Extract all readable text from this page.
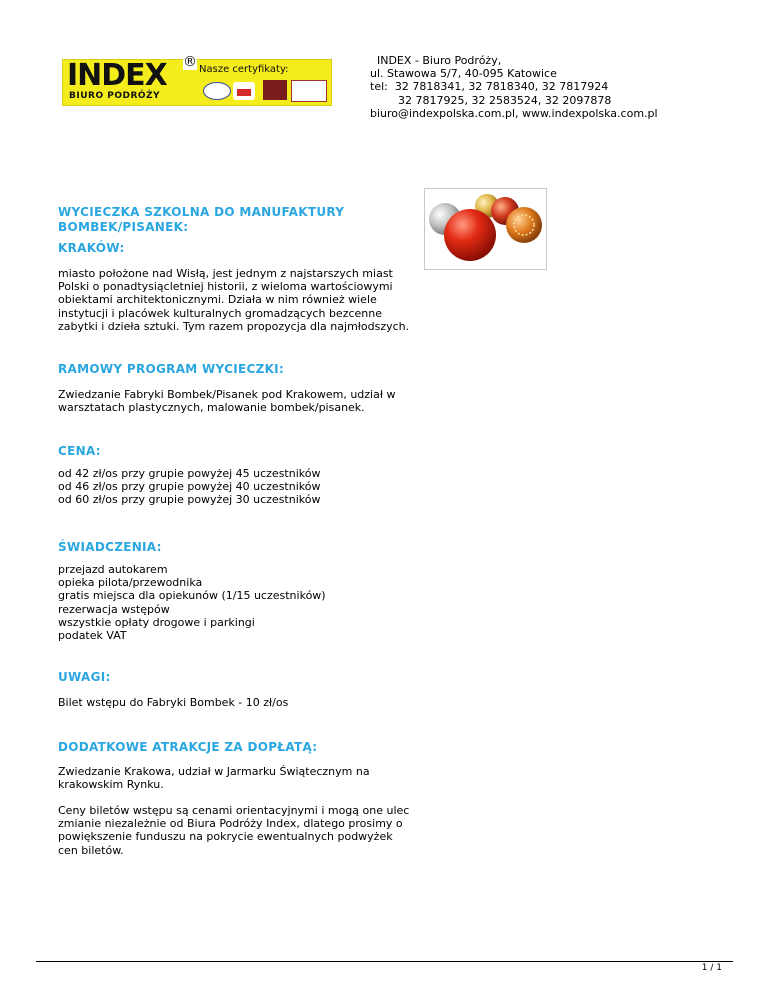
INDEX ®
BIURO PODRÓŻY
Nasze certyfikaty:
INDEX - Biuro Podróży,
ul. Stawowa 5/7, 40-095 Katowice
tel:  32 7818341, 32 7818340, 32 7817924
32 7817925, 32 2583524, 32 2097878
biuro@indexpolska.com.pl, www.indexpolska.com.pl
WYCIECZKA SZKOLNA DO MANUFAKTURY
BOMBEK/PISANEK:
KRAKÓW:
miasto położone nad Wisłą, jest jednym z najstarszych miast
Polski o ponadtysiącletniej historii, z wieloma wartościowymi
obiektami architektonicznymi. Działa w nim również wiele
instytucji i placówek kulturalnych gromadzących bezcenne
zabytki i dzieła sztuki. Tym razem propozycja dla najmłodszych.
RAMOWY PROGRAM WYCIECZKI:
Zwiedzanie Fabryki Bombek/Pisanek pod Krakowem, udział w
warsztatach plastycznych, malowanie bombek/pisanek.
CENA:
od 42 zł/os przy grupie powyżej 45 uczestników
od 46 zł/os przy grupie powyżej 40 uczestników
od 60 zł/os przy grupie powyżej 30 uczestników
ŚWIADCZENIA:
przejazd autokarem
opieka pilota/przewodnika
gratis miejsca dla opiekunów (1/15 uczestników)
rezerwacja wstępów
wszystkie opłaty drogowe i parkingi
podatek VAT
UWAGI:
Bilet wstępu do Fabryki Bombek - 10 zł/os
DODATKOWE ATRAKCJE ZA DOPŁATĄ:
Zwiedzanie Krakowa, udział w Jarmarku Świątecznym na
krakowskim Rynku.
Ceny biletów wstępu są cenami orientacyjnymi i mogą one ulec
zmianie niezależnie od Biura Podróży Index, dlatego prosimy o
powiększenie funduszu na pokrycie ewentualnych podwyżek
cen biletów.
1 / 1
